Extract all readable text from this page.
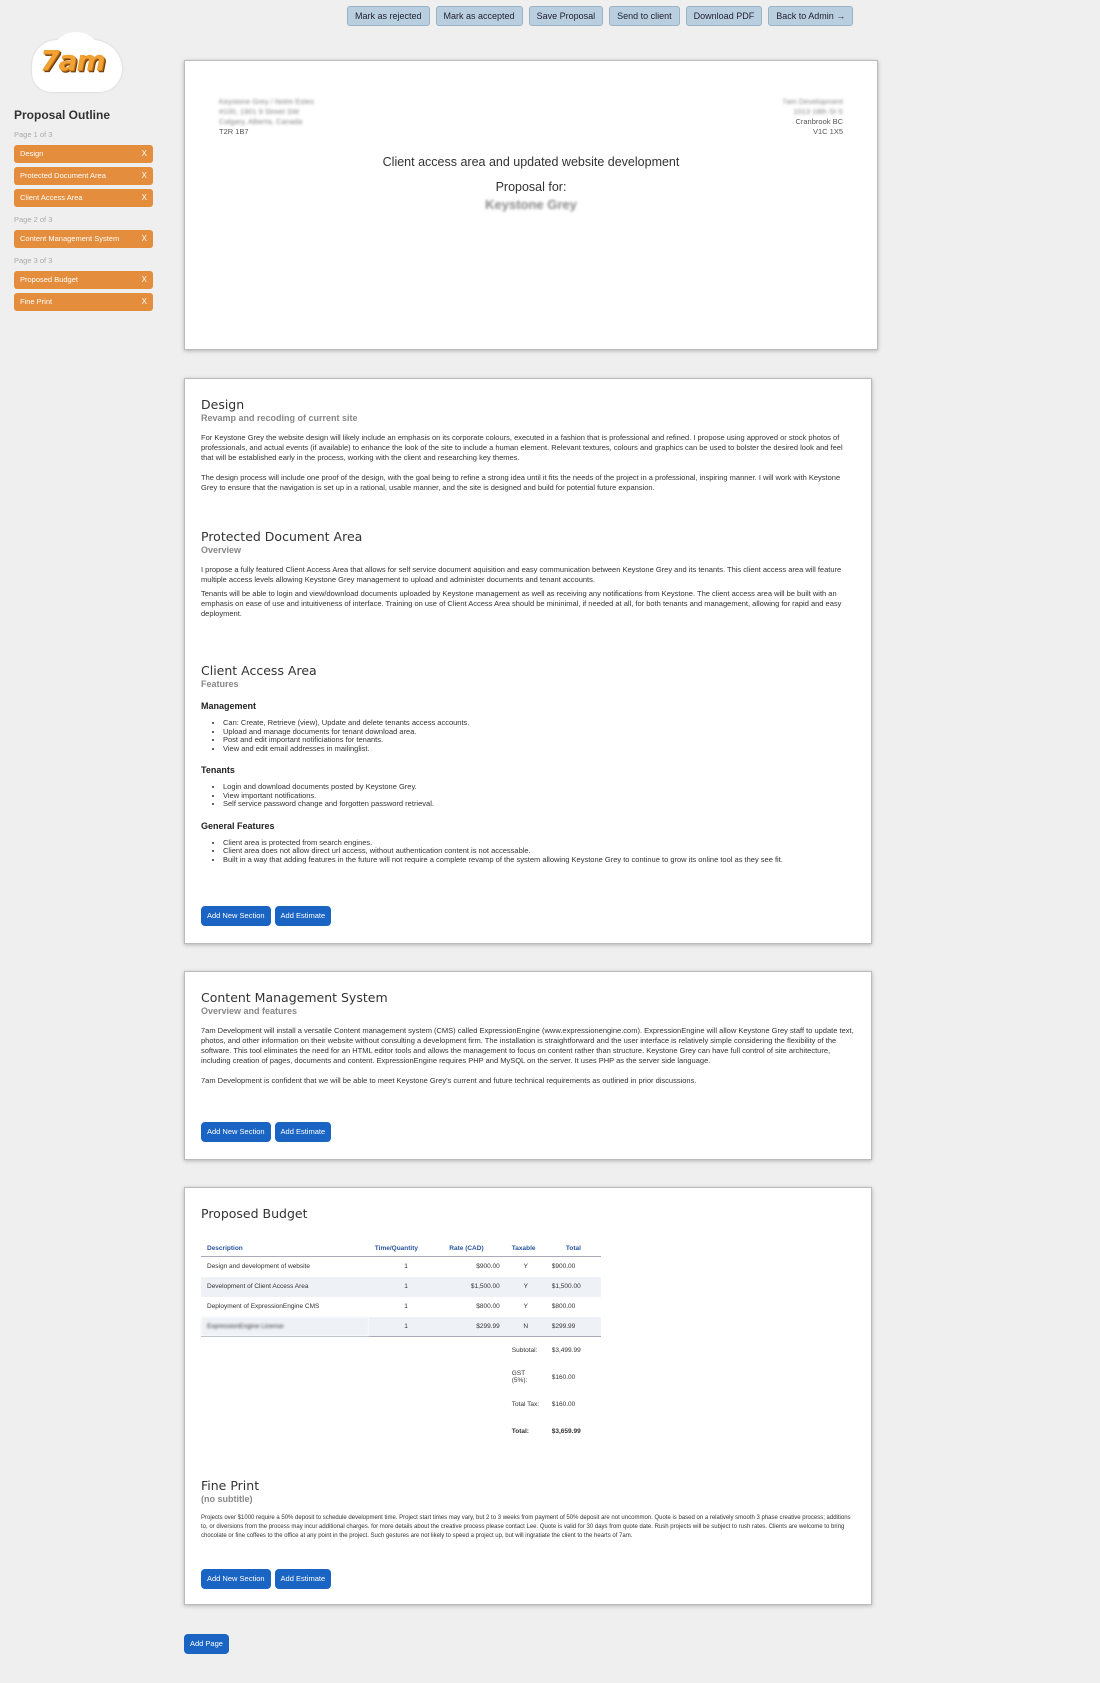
Mark as rejected	Mark as accepted	Save Proposal	Send to client	Download PDF	Back to Admin →
7am
Proposal Outline
Page 1 of 3
Design	X
Protected Document Area	X
Client Access Area	X
Page 2 of 3
Content Management System	X
Page 3 of 3
Proposed Budget	X
Fine Print	X
Keystone Grey / Notre Estes
#100, 1901 9 Street SW
Calgary, Alberta, Canada
T2R 1B7
7am Development
1013 18th St S
Cranbrook BC
V1C 1X5
Client access area and updated website development
Proposal for:
Keystone Grey
Design
Revamp and recoding of current site

For Keystone Grey the website design will likely include an emphasis on its corporate colours, executed in a fashion that is professional and refined. I propose using approved or stock photos of professionals, and actual events (if available) to enhance the look of the site to include a human element. Relevant textures, colours and graphics can be used to bolster the desired look and feel that will be established early in the process, working with the client and researching key themes.

The design process will include one proof of the design, with the goal being to refine a strong idea until it fits the needs of the project in a professional, inspiring manner. I will work with Keystone Grey to ensure that the navigation is set up in a rational, usable manner, and the site is designed and build for potential future expansion.

Protected Document Area
Overview

I propose a fully featured Client Access Area that allows for self service document aquisition and easy communication between Keystone Grey and its tenants. This client access area will feature multiple access levels allowing Keystone Grey management to upload and administer documents and tenant accounts.

Tenants will be able to login and view/download documents uploaded by Keystone management as well as receiving any notifications from Keystone. The client access area will be built with an emphasis on ease of use and intuitiveness of interface. Training on use of Client Access Area should be mininimal, if needed at all, for both tenants and management, allowing for rapid and easy deployment.

Client Access Area
Features
Management
• Can: Create, Retrieve (view), Update and delete tenants access accounts.
• Upload and manage documents for tenant download area.
• Post and edit important notificiations for tenants.
• View and edit email addresses in mailinglist.
Tenants
• Login and download documents posted by Keystone Grey.
• View important notifications.
• Self service password change and forgotten password retrieval.
General Features
• Client area is protected from search engines.
• Client area does not allow direct url access, without authentication content is not accessable.
• Built in a way that adding features in the future will not require a complete revamp of the system allowing Keystone Grey to continue to grow its online tool as they see fit.
Add New Section	Add Estimate
Content Management System
Overview and features

7am Development will install a versatile Content management system (CMS) called ExpressionEngine (www.expressionengine.com). ExpressionEngine will allow Keystone Grey staff to update text, photos, and other information on their website without consulting a development firm. The installation is straightforward and the user interface is relatively simple considering the flexibility of the software. This tool eliminates the need for an HTML editor tools and allows the management to focus on content rather than structure. Keystone Grey can have full control of site architecture, including creation of pages, documents and content. ExpressionEngine requires PHP and MySQL on the server. It uses PHP as the server side language.

7am Development is confident that we will be able to meet Keystone Grey's current and future technical requirements as outlined in prior discussions.

Add New Section	Add Estimate
Proposed Budget
Description	Time/Quantity	Rate (CAD)	Taxable	Total
Design and development of website	1	$900.00	Y	$900.00
Development of Client Access Area	1	$1,500.00	Y	$1,500.00
Deployment of ExpressionEngine CMS	1	$800.00	Y	$800.00
ExpressionEngine License	1	$299.99	N	$299.99
			Subtotal:	$3,499.99
			GST (5%):	$160.00
			Total Tax:	$160.00
			Total:	$3,659.99
Fine Print
(no subtitle)

Projects over $1000 require a 50% deposit to schedule development time. Project start times may vary, but 2 to 3 weeks from payment of 50% deposit are not uncommon. Quote is based on a relatively smooth 3 phase creative process; additions to, or diversions from the process may incur additional charges. for more details about the creative process please contact Lee. Quote is valid for 30 days from quote date. Rush projects will be subject to rush rates. Clients are welcome to bring chocolate or fine coffees to the office at any point in the project. Such gestures are not likely to speed a project up, but will ingratiate the client to the hearts of 7am.

Add New Section	Add Estimate
Add Page
